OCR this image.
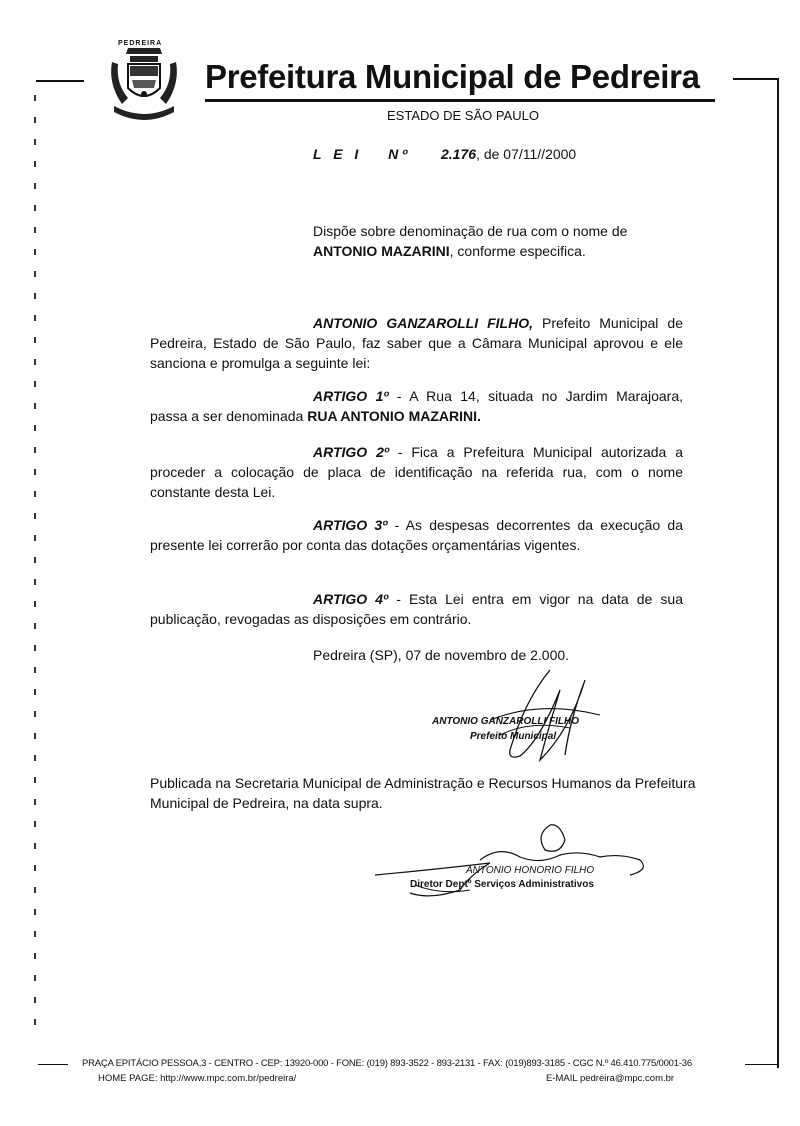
PEDREIRA
Prefeitura Municipal de Pedreira
ESTADO DE SÃO PAULO
L E I N º 2.176, de 07/11//2000
Dispõe sobre denominação de rua com o nome de
ANTONIO MAZARINI, conforme especifica.
ANTONIO GANZAROLLI FILHO, Prefeito Municipal de Pedreira, Estado de São Paulo, faz saber que a Câmara Municipal aprovou e ele sanciona e promulga a seguinte lei:
ARTIGO 1º - A Rua 14, situada no Jardim Marajoara, passa a ser denominada RUA ANTONIO MAZARINI.
ARTIGO 2º - Fica a Prefeitura Municipal autorizada a proceder a colocação de placa de identificação na referida rua, com o nome constante desta Lei.
ARTIGO 3º - As despesas decorrentes da execução da presente lei correrão por conta das dotações orçamentárias vigentes.
ARTIGO 4º - Esta Lei entra em vigor na data de sua publicação, revogadas as disposições em contrário.
Pedreira (SP), 07 de novembro de 2.000.
ANTONIO GANZAROLLI FILHO
Prefeito Municipal
Publicada na Secretaria Municipal de Administração e Recursos Humanos da Prefeitura Municipal de Pedreira, na data supra.
ANTONIO HONORIO FILHO
Diretor Deptº Serviços Administrativos
PRAÇA EPITÁCIO PESSOA,3 - CENTRO - CEP: 13920-000 - FONE: (019) 893-3522 - 893-2131 - FAX: (019)893-3185 - CGC N.º 46.410.775/0001-36
HOME PAGE: http://www.mpc.com.br/pedreira/	E-MAIL pedreira@mpc.com.br
